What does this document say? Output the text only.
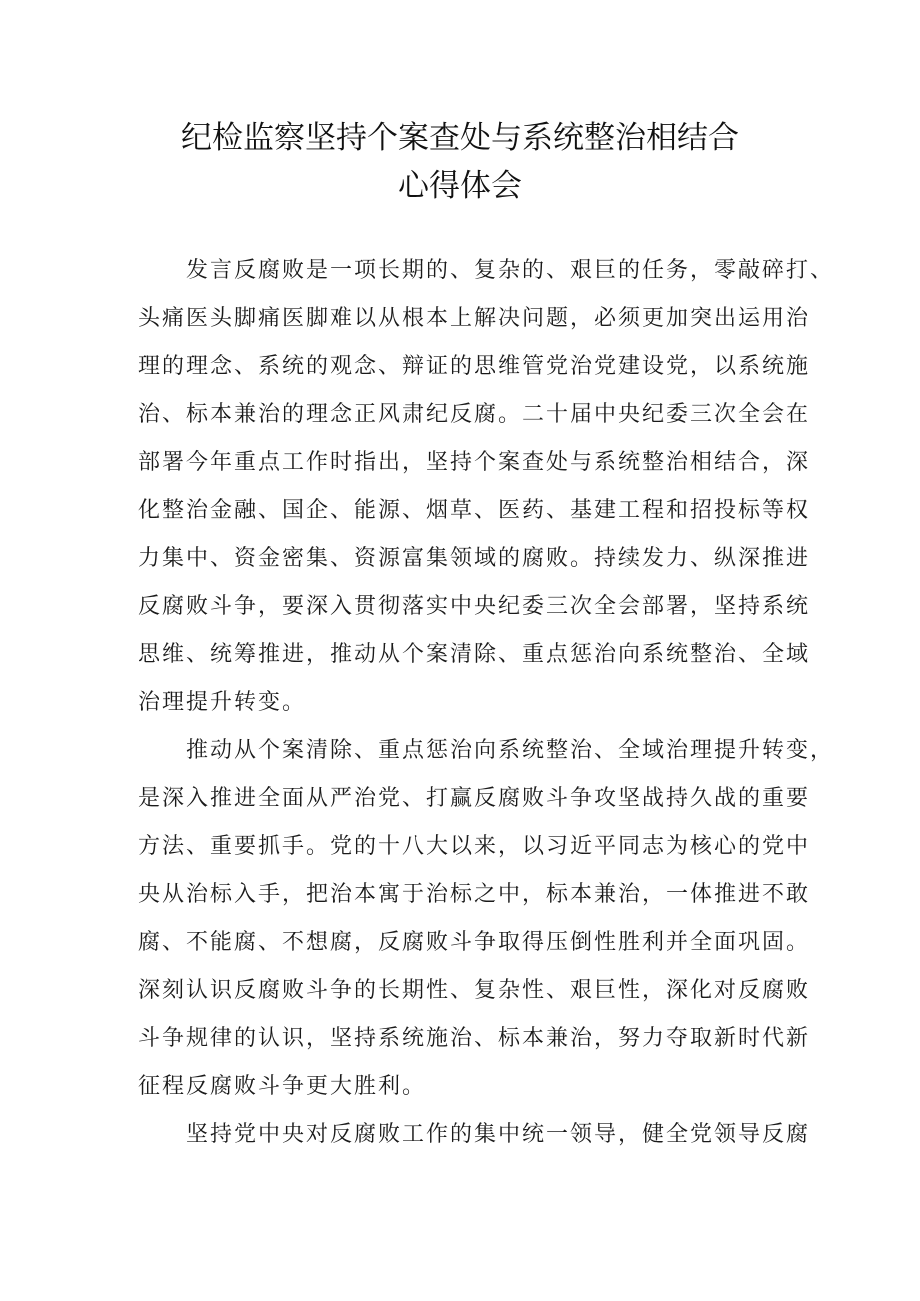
纪检监察坚持个案查处与系统整治相结合
心得体会
发言反腐败是一项长期的、复杂的、艰巨的任务，零敲碎打、
头痛医头脚痛医脚难以从根本上解决问题，必须更加突出运用治
理的理念、系统的观念、辩证的思维管党治党建设党，以系统施
治、标本兼治的理念正风肃纪反腐。二十届中央纪委三次全会在
部署今年重点工作时指出，坚持个案查处与系统整治相结合，深
化整治金融、国企、能源、烟草、医药、基建工程和招投标等权
力集中、资金密集、资源富集领域的腐败。持续发力、纵深推进
反腐败斗争，要深入贯彻落实中央纪委三次全会部署，坚持系统
思维、统筹推进，推动从个案清除、重点惩治向系统整治、全域
治理提升转变。
推动从个案清除、重点惩治向系统整治、全域治理提升转变，
是深入推进全面从严治党、打赢反腐败斗争攻坚战持久战的重要
方法、重要抓手。党的十八大以来，以习近平同志为核心的党中
央从治标入手，把治本寓于治标之中，标本兼治，一体推进不敢
腐、不能腐、不想腐，反腐败斗争取得压倒性胜利并全面巩固。
深刻认识反腐败斗争的长期性、复杂性、艰巨性，深化对反腐败
斗争规律的认识，坚持系统施治、标本兼治，努力夺取新时代新
征程反腐败斗争更大胜利。
坚持党中央对反腐败工作的集中统一领导，健全党领导反腐
